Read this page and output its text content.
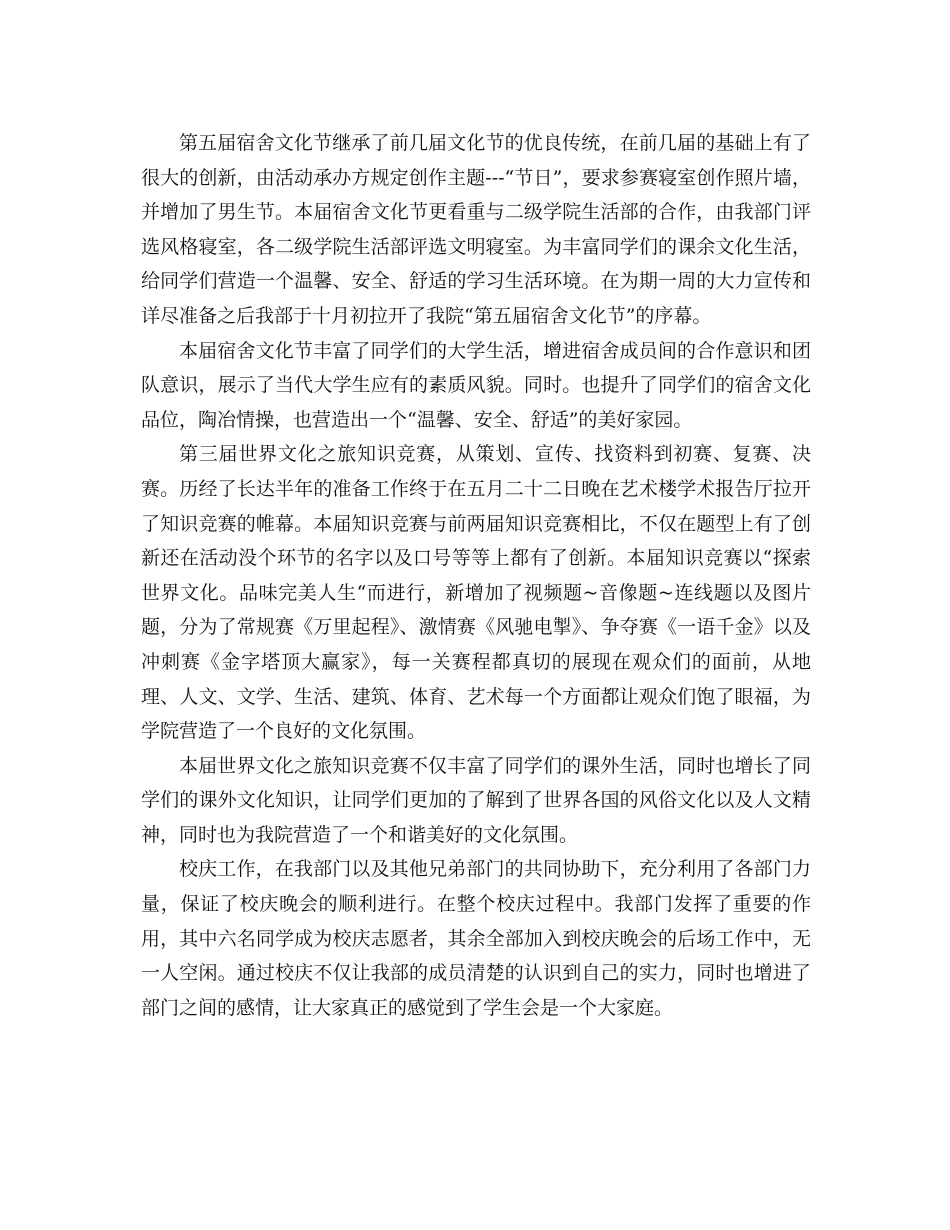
第五届宿舍文化节继承了前几届文化节的优良传统，在前几届的基础上有了很大的创新，由活动承办方规定创作主题---“节日”，要求参赛寝室创作照片墙，并增加了男生节。本届宿舍文化节更看重与二级学院生活部的合作，由我部门评选风格寝室，各二级学院生活部评选文明寝室。为丰富同学们的课余文化生活，给同学们营造一个温馨、安全、舒适的学习生活环境。在为期一周的大力宣传和详尽准备之后我部于十月初拉开了我院“第五届宿舍文化节”的序幕。

本届宿舍文化节丰富了同学们的大学生活，增进宿舍成员间的合作意识和团队意识，展示了当代大学生应有的素质风貌。同时。也提升了同学们的宿舍文化品位，陶冶情操，也营造出一个“温馨、安全、舒适”的美好家园。

第三届世界文化之旅知识竞赛，从策划、宣传、找资料到初赛、复赛、决赛。历经了长达半年的准备工作终于在五月二十二日晚在艺术楼学术报告厅拉开了知识竞赛的帷幕。本届知识竞赛与前两届知识竞赛相比，不仅在题型上有了创新还在活动没个环节的名字以及口号等等上都有了创新。本届知识竞赛以“探索世界文化。品味完美人生“而进行，新增加了视频题~音像题~连线题以及图片题，分为了常规赛《万里起程》、激情赛《风驰电掣》、争夺赛《一语千金》以及冲刺赛《金字塔顶大赢家》，每一关赛程都真切的展现在观众们的面前，从地理、人文、文学、生活、建筑、体育、艺术每一个方面都让观众们饱了眼福，为学院营造了一个良好的文化氛围。

本届世界文化之旅知识竞赛不仅丰富了同学们的课外生活，同时也增长了同学们的课外文化知识，让同学们更加的了解到了世界各国的风俗文化以及人文精神，同时也为我院营造了一个和谐美好的文化氛围。

校庆工作，在我部门以及其他兄弟部门的共同协助下，充分利用了各部门力量，保证了校庆晚会的顺利进行。在整个校庆过程中。我部门发挥了重要的作用，其中六名同学成为校庆志愿者，其余全部加入到校庆晚会的后场工作中，无一人空闲。通过校庆不仅让我部的成员清楚的认识到自己的实力，同时也增进了部门之间的感情，让大家真正的感觉到了学生会是一个大家庭。
